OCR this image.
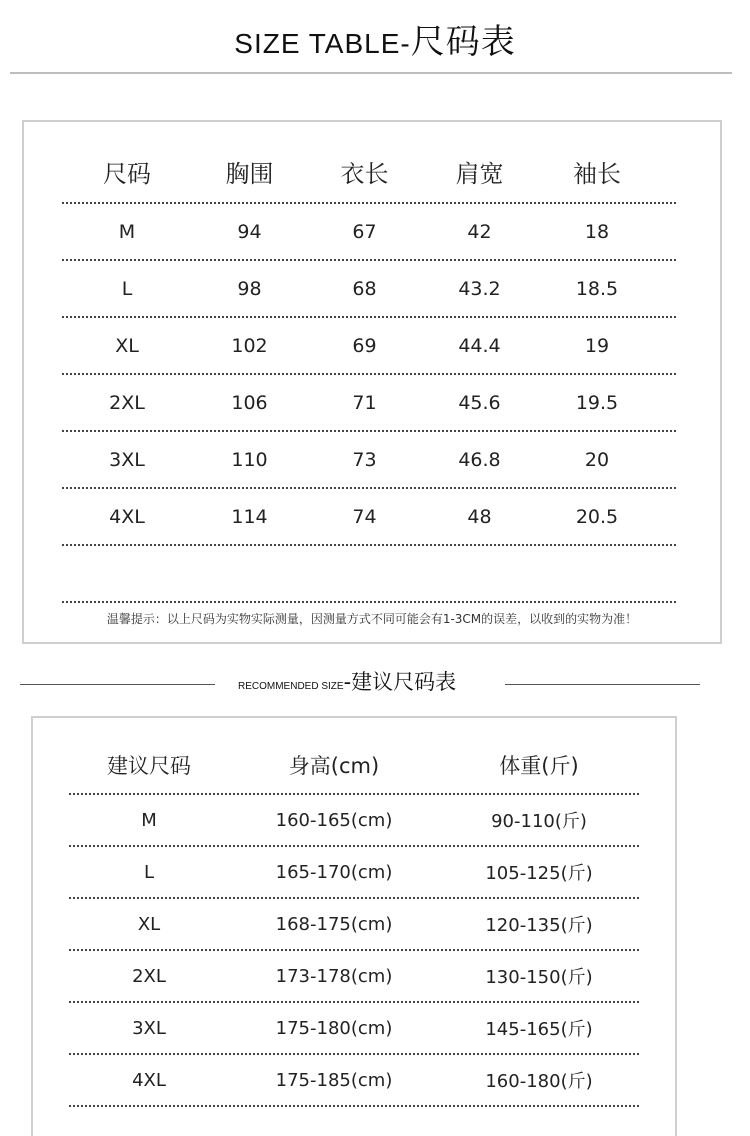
SIZE TABLE-尺码表
尺码	胸围	衣长	肩宽	袖长
M	94	67	42	18
L	98	68	43.2	18.5
XL	102	69	44.4	19
2XL	106	71	45.6	19.5
3XL	110	73	46.8	20
4XL	114	74	48	20.5
温馨提示：以上尺码为实物实际测量，因测量方式不同可能会有1-3CM的误差，以收到的实物为准！
RECOMMENDED SIZE-建议尺码表
建议尺码	身高(cm)	体重(斤)
M	160-165(cm)	90-110(斤)
L	165-170(cm)	105-125(斤)
XL	168-175(cm)	120-135(斤)
2XL	173-178(cm)	130-150(斤)
3XL	175-180(cm)	145-165(斤)
4XL	175-185(cm)	160-180(斤)
